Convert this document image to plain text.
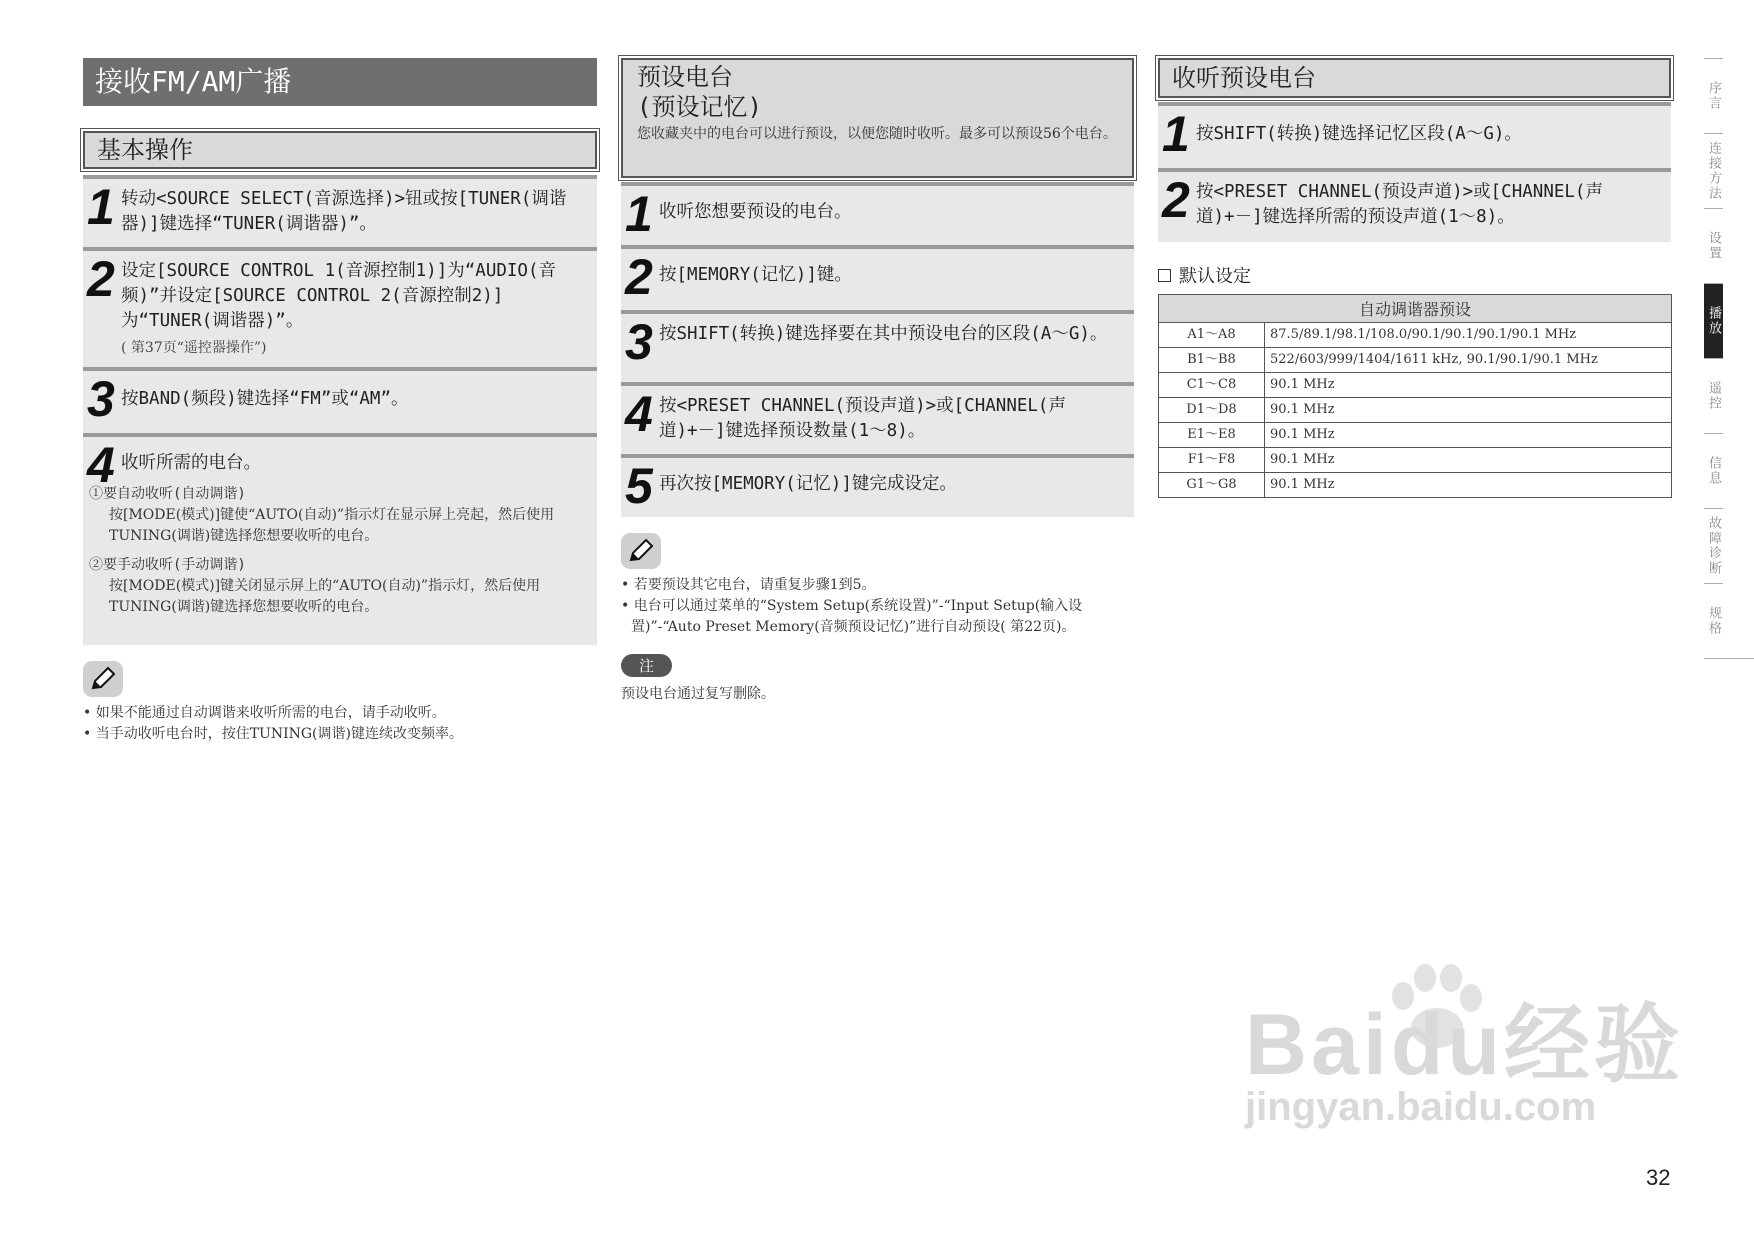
接收FM/AM广播
基本操作
1 转动<SOURCE SELECT(音源选择)>钮或按[TUNER(调谐器)]键选择“TUNER(调谐器)”。
2 设定[SOURCE CONTROL 1(音源控制1)]为“AUDIO(音频)”并设定[SOURCE CONTROL 2(音源控制2)]为“TUNER(调谐器)”。
( 第37页“遥控器操作”)
3 按BAND(频段)键选择“FM”或“AM”。
4 收听所需的电台。
①要自动收听(自动调谐)
按[MODE(模式)]键使“AUTO(自动)”指示灯在显示屏上亮起，然后使用TUNING(调谐)键选择您想要收听的电台。
②要手动收听(手动调谐)
按[MODE(模式)]键关闭显示屏上的“AUTO(自动)”指示灯，然后使用TUNING(调谐)键选择您想要收听的电台。
• 如果不能通过自动调谐来收听所需的电台，请手动收听。
• 当手动收听电台时，按住TUNING(调谐)键连续改变频率。
预设电台
(预设记忆)
您收藏夹中的电台可以进行预设，以便您随时收听。最多可以预设56个电台。
1 收听您想要预设的电台。
2 按[MEMORY(记忆)]键。
3 按SHIFT(转换)键选择要在其中预设电台的区段(A～G)。
4 按<PRESET CHANNEL(预设声道)>或[CHANNEL(声道)+－]键选择预设数量(1～8)。
5 再次按[MEMORY(记忆)]键完成设定。
• 若要预设其它电台，请重复步骤1到5。
• 电台可以通过菜单的“System Setup(系统设置)”-“Input Setup(输入设置)”-“Auto Preset Memory(音频预设记忆)”进行自动预设( 第22页)。
注
预设电台通过复写删除。
收听预设电台
1 按SHIFT(转换)键选择记忆区段(A～G)。
2 按<PRESET CHANNEL(预设声道)>或[CHANNEL(声道)+－]键选择所需的预设声道(1～8)。
默认设定
自动调谐器预设	
A1～A8	87.5/89.1/98.1/108.0/90.1/90.1/90.1/90.1 MHz
B1～B8	522/603/999/1404/1611 kHz, 90.1/90.1/90.1 MHz
C1～C8	90.1 MHz
D1～D8	90.1 MHz
E1～E8	90.1 MHz
F1～F8	90.1 MHz
G1～G8	90.1 MHz
序言
连接方法
设置
播放
遥控
信息
故障诊断
规格
Baidu经验
jingyan.baidu.com
32
